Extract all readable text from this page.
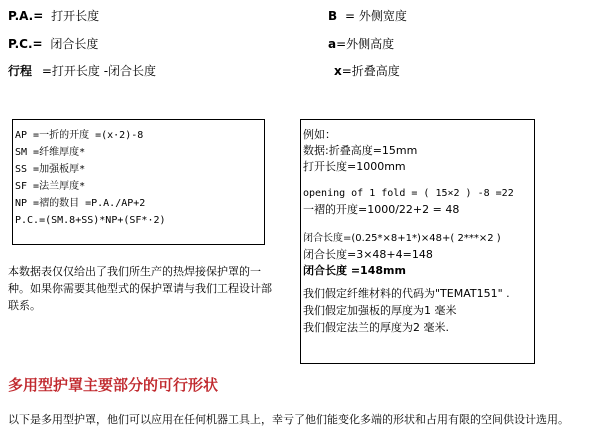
P.A.= 打开长度
P.C.= 闭合长度
行程 =打开长度 -闭合长度
B = 外侧宽度
a=外侧高度
x=折叠高度
AP =一折的开度 =(x·2)-8
SM =纤维厚度*
SS =加强板厚*
SF =法兰厚度*
NP =褶的数目 =P.A./AP+2
P.C.=(SM.8+SS)*NP+(SF*·2)
例如：
数据:折叠高度=15mm
打开长度=1000mm
opening of 1 fold = ( 15×2 ) -8 =22
一褶的开度=1000/22+2 = 48
闭合长度=(0.25*×8+1*)×48+( 2***×2 )
闭合长度=3×48+4=148
闭合长度 =148mm
我们假定纤维材料的代码为"TEMAT151" .
我们假定加强板的厚度为1 毫米
我们假定法兰的厚度为2 毫米.
本数据表仅仅给出了我们所生产的热焊接保护罩的一
种。如果你需要其他型式的保护罩请与我们工程设计部
联系。
多用型护罩主要部分的可行形状
以下是多用型护罩，他们可以应用在任何机器工具上，幸亏了他们能变化多端的形状和占用有限的空间供设计选用。
